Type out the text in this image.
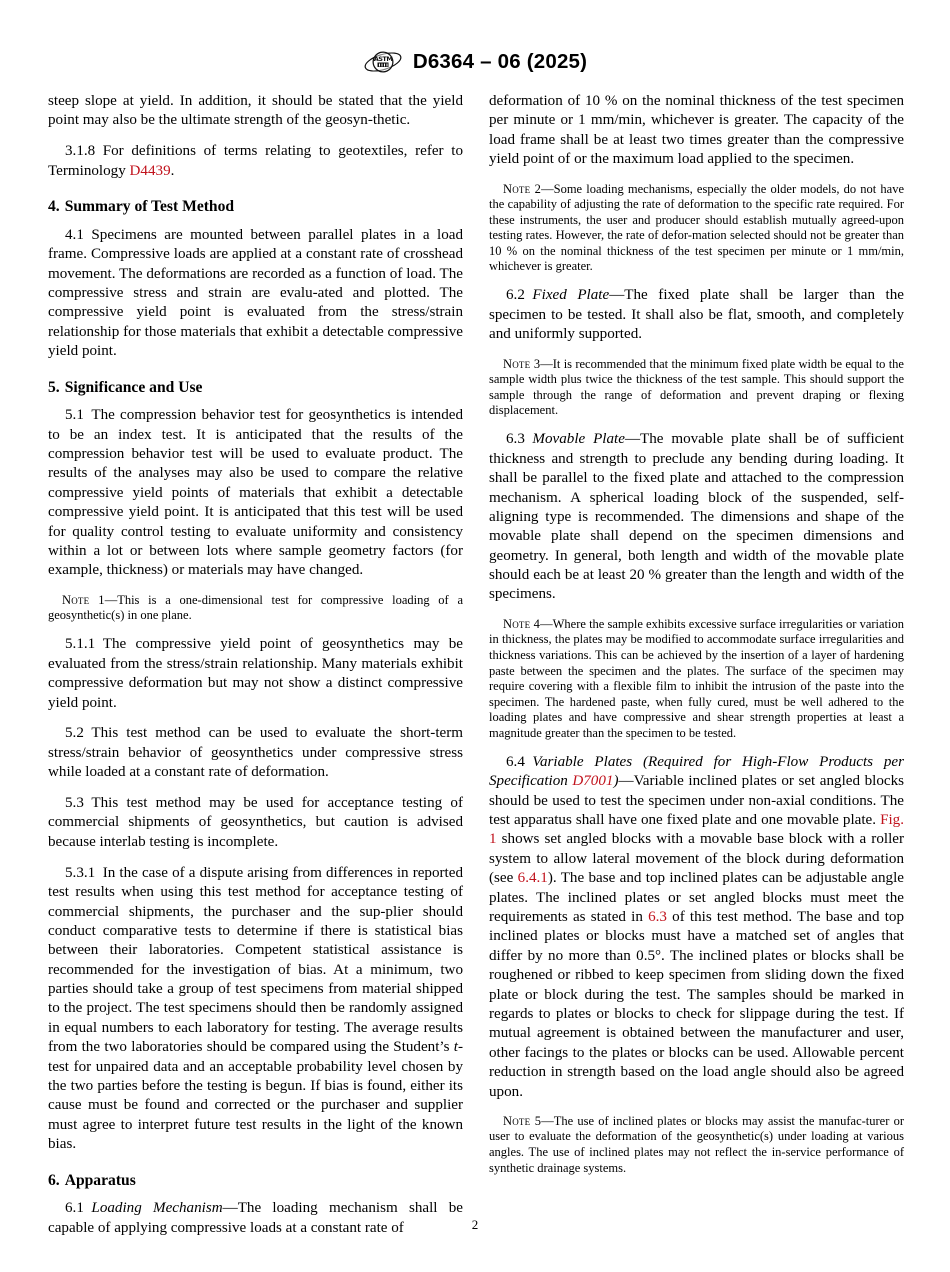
ASTM D6364 – 06 (2025)

steep slope at yield. In addition, it should be stated that the yield point may also be the ultimate strength of the geosyn-thetic.

3.1.8 For definitions of terms relating to geotextiles, refer to Terminology D4439.

4. Summary of Test Method

4.1 Specimens are mounted between parallel plates in a load frame. Compressive loads are applied at a constant rate of crosshead movement. The deformations are recorded as a function of load. The compressive stress and strain are evalu-ated and plotted. The compressive yield point is evaluated from the stress/strain relationship for those materials that exhibit a detectable compressive yield point.

5. Significance and Use

5.1 The compression behavior test for geosynthetics is intended to be an index test. It is anticipated that the results of the compression behavior test will be used to evaluate product. The results of the analyses may also be used to compare the relative compressive yield points of materials that exhibit a detectable compressive yield point. It is anticipated that this test will be used for quality control testing to evaluate uniformity and consistency within a lot or between lots where sample geometry factors (for example, thickness) or materials may have changed.

Note 1—This is a one-dimensional test for compressive loading of a geosynthetic(s) in one plane.

5.1.1 The compressive yield point of geosynthetics may be evaluated from the stress/strain relationship. Many materials exhibit compressive deformation but may not show a distinct compressive yield point.

5.2 This test method can be used to evaluate the short-term stress/strain behavior of geosynthetics under compressive stress while loaded at a constant rate of deformation.

5.3 This test method may be used for acceptance testing of commercial shipments of geosynthetics, but caution is advised because interlab testing is incomplete.

5.3.1 In the case of a dispute arising from differences in reported test results when using this test method for acceptance testing of commercial shipments, the purchaser and the sup-plier should conduct comparative tests to determine if there is statistical bias between their laboratories. Competent statistical assistance is recommended for the investigation of bias. At a minimum, two parties should take a group of test specimens from material shipped to the project. The test specimens should then be randomly assigned in equal numbers to each laboratory for testing. The average results from the two laboratories should be compared using the Student’s t-test for unpaired data and an acceptable probability level chosen by the two parties before the testing is begun. If bias is found, either its cause must be found and corrected or the purchaser and supplier must agree to interpret future test results in the light of the known bias.

6. Apparatus

6.1 Loading Mechanism—The loading mechanism shall be capable of applying compressive loads at a constant rate of

deformation of 10 % on the nominal thickness of the test specimen per minute or 1 mm/min, whichever is greater. The capacity of the load frame shall be at least two times greater than the compressive yield point of or the maximum load applied to the specimen.

Note 2—Some loading mechanisms, especially the older models, do not have the capability of adjusting the rate of deformation to the specific rate required. For these instruments, the user and producer should establish mutually agreed-upon testing rates. However, the rate of defor-mation selected should not be greater than 10 % on the nominal thickness of the test specimen per minute or 1 mm/min, whichever is greater.

6.2 Fixed Plate—The fixed plate shall be larger than the specimen to be tested. It shall also be flat, smooth, and completely and uniformly supported.

Note 3—It is recommended that the minimum fixed plate width be equal to the sample width plus twice the thickness of the test sample. This should support the sample through the range of deformation and prevent draping or flexing displacement.

6.3 Movable Plate—The movable plate shall be of sufficient thickness and strength to preclude any bending during loading. It shall be parallel to the fixed plate and attached to the compression mechanism. A spherical loading block of the suspended, self-aligning type is recommended. The dimensions and shape of the movable plate shall depend on the specimen dimensions and geometry. In general, both length and width of the movable plate should each be at least 20 % greater than the length and width of the specimens.

Note 4—Where the sample exhibits excessive surface irregularities or variation in thickness, the plates may be modified to accommodate surface irregularities and thickness variations. This can be achieved by the insertion of a layer of hardening paste between the specimen and the plates. The surface of the specimen may require covering with a flexible film to inhibit the intrusion of the paste into the specimen. The hardened paste, when fully cured, must be well adhered to the loading plates and have compressive and shear strength properties at least a magnitude greater than the specimen to be tested.

6.4 Variable Plates (Required for High-Flow Products per Specification D7001)—Variable inclined plates or set angled blocks should be used to test the specimen under non-axial conditions. The test apparatus shall have one fixed plate and one movable plate. Fig. 1 shows set angled blocks with a movable base block with a roller system to allow lateral movement of the block during deformation (see 6.4.1). The base and top inclined plates can be adjustable angle plates. The inclined plates or set angled blocks must meet the requirements as stated in 6.3 of this test method. The base and top inclined plates or blocks must have a matched set of angles that differ by no more than 0.5°. The inclined plates or blocks shall be roughened or ribbed to keep specimen from sliding down the fixed plate or block during the test. The samples should be marked in regards to plates or blocks to check for slippage during the test. If mutual agreement is obtained between the manufacturer and user, other facings to the plates or blocks can be used. Allowable percent reduction in strength based on the load angle should also be agreed upon.

Note 5—The use of inclined plates or blocks may assist the manufac-turer or user to evaluate the deformation of the geosynthetic(s) under loading at various angles. The use of inclined plates may not reflect the in-service performance of synthetic drainage systems.

2
